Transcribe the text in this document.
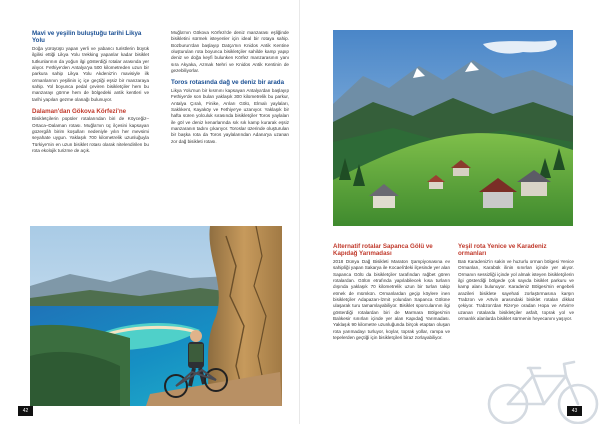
Mavi ve yeşilin buluştuğu tarihi Likya Yolu

Doğa yürüyüşü yapan yerli ve yabancı turistlerin büyük ilgilisi ettiği Likya Yolu trekking yapanlar kadar bisiklet tutkunlarının da yoğun ilgi gösterdiği rotalar arasında yer alıyor. Fethiye'den Antalya'ya 500 kilometreden uzun bir parkura sahip Likya Yolu Akdeniz'in mavisiyle ilk ormanlarının yeşilinin iç içe geçtiği eşsiz bir manzaraya sahip. Yol boyunca pedal çeviren bisikletçiler hem bu manzarayı görme hem de bölgedeki antik kentleri ve tarihi yapıları gezme olanağı bulunuyor.

Dalaman'dan Gökova Körfezi'ne

Bisikletçilerin popüler rotalarından biri de Köyceğiz–Ortaca–Dalaman rotası. Muğla'nın üç ilçesini kapsayan güzergâh birim koşulları nedeniyle yılın her mevsimi seyahate uygun. Yaklaşık 700 kilometrelik uzunluğuyla Türkiye'nin en uzun bisiklet rotası olarak nitelendirilen bu rota ekolojik turizme de açık.

Muğla'nın Gökova Körfezi'de deniz manzarası eşliğinde bisikletini sürmek isteyenler için ideal bir rotaya sahip. Bozburun'dan başlayıp Datça'nın Knidos Antik Kentine oluşturulan rota boyunca bisikletçiler sahilde kamp yapıp deniz ve doğa keyfi bulunken Körfez manzarasının yanı sıra Akyaka, Azmak Nehri ve Knidos Antik Kentinin de gezebiliyorlar.

Toros rotasında dağ ve deniz bir arada

Likya Yolu'nun bir kısmını kapsayan Antalya'dan başlayıp Fethiye'de son bulan yaklaşık 300 kilometrelik bu parkur, Antalya Çıralı, Finike, Arıları Gölü, Elmalı yaylaları, Saklıkent, Kayaköy ve Fethiye'ye uzanıyor. Yaklaşık bir hafta süren yolculuk sırasında bisikletçiler Toros yaylaları ile göl ve deniz kenarlarında sık sık kamp kurarak eşsiz manzaranın tadını çıkarıyor. Toroslar üzerinde oluşturulan bir başka rota da Toros yaylalarından Adana'ya uzanan zor dağ bisikleti rotası.

42
Alternatif rotalar Sapanca Gölü ve Kapıdağ Yarımadası

2018 Dünya Dağ Bisikleti Maraton Şampiyonasına ev sahipliği yapan Sakarya ile Kocaeli'deki ilçesinde yer alan Sapanca Gölü da bisikletçiler tarafından rağbet gören rotalardan. Gölün etrafında yapılabilecek kısa turların dışında yaklaşık 70 kilometrelik uzun bir turları takip etmek de mümkün. Ormanlardan geçip köylere inen bisikletçiler Adapazarı-İzmit yolundan Sapanca Gölüne ulaşarak turu tamamlayabiliyor. Bisiklet sporcularının ilgi gösterdiği rotalardan biri de Marmara Bölgesi'nin Balıkesir sınırları içinde yer alan Kapıdağ Yarımadası. Yaklaşık 90 kilometre uzunluğunda birçok etaptan oluşan rota yarımadayı turluyor, koylar, toprak yollar, rampa ve tepelerden geçtiği için bisikletçileri biraz zorlayabiliyor.

Yeşil rota Yenice ve Karadeniz ormanları

Batı Karadeniz'in sakin ve huzurlu orman bölgesi Yenice Ormanları, Karabük ilinin sınırları içinde yer alıyor. Ormanın sessizliği içinde yol almak isteyen bisikletçilerin ilgi gösterdiği bölgede çok sayıda bisiklet parkuru ve kamp alanı bulunuyor. Karadeniz Bölgesi'nin engebeli arazileri bisiklete sayehati zorlaştırmasına karşın Trabzon ve Artvin arasındaki bisiklet rotaları dikkat çekiyor. Trabzon'dan Rize'ye oradan Hopa ve Artvin'e uzanan rotalarda bisikletçiler asfalt, toprak yol ve ormanlık alanlarda bisiklet sürmenin heyecanını yaşıyor.

43
